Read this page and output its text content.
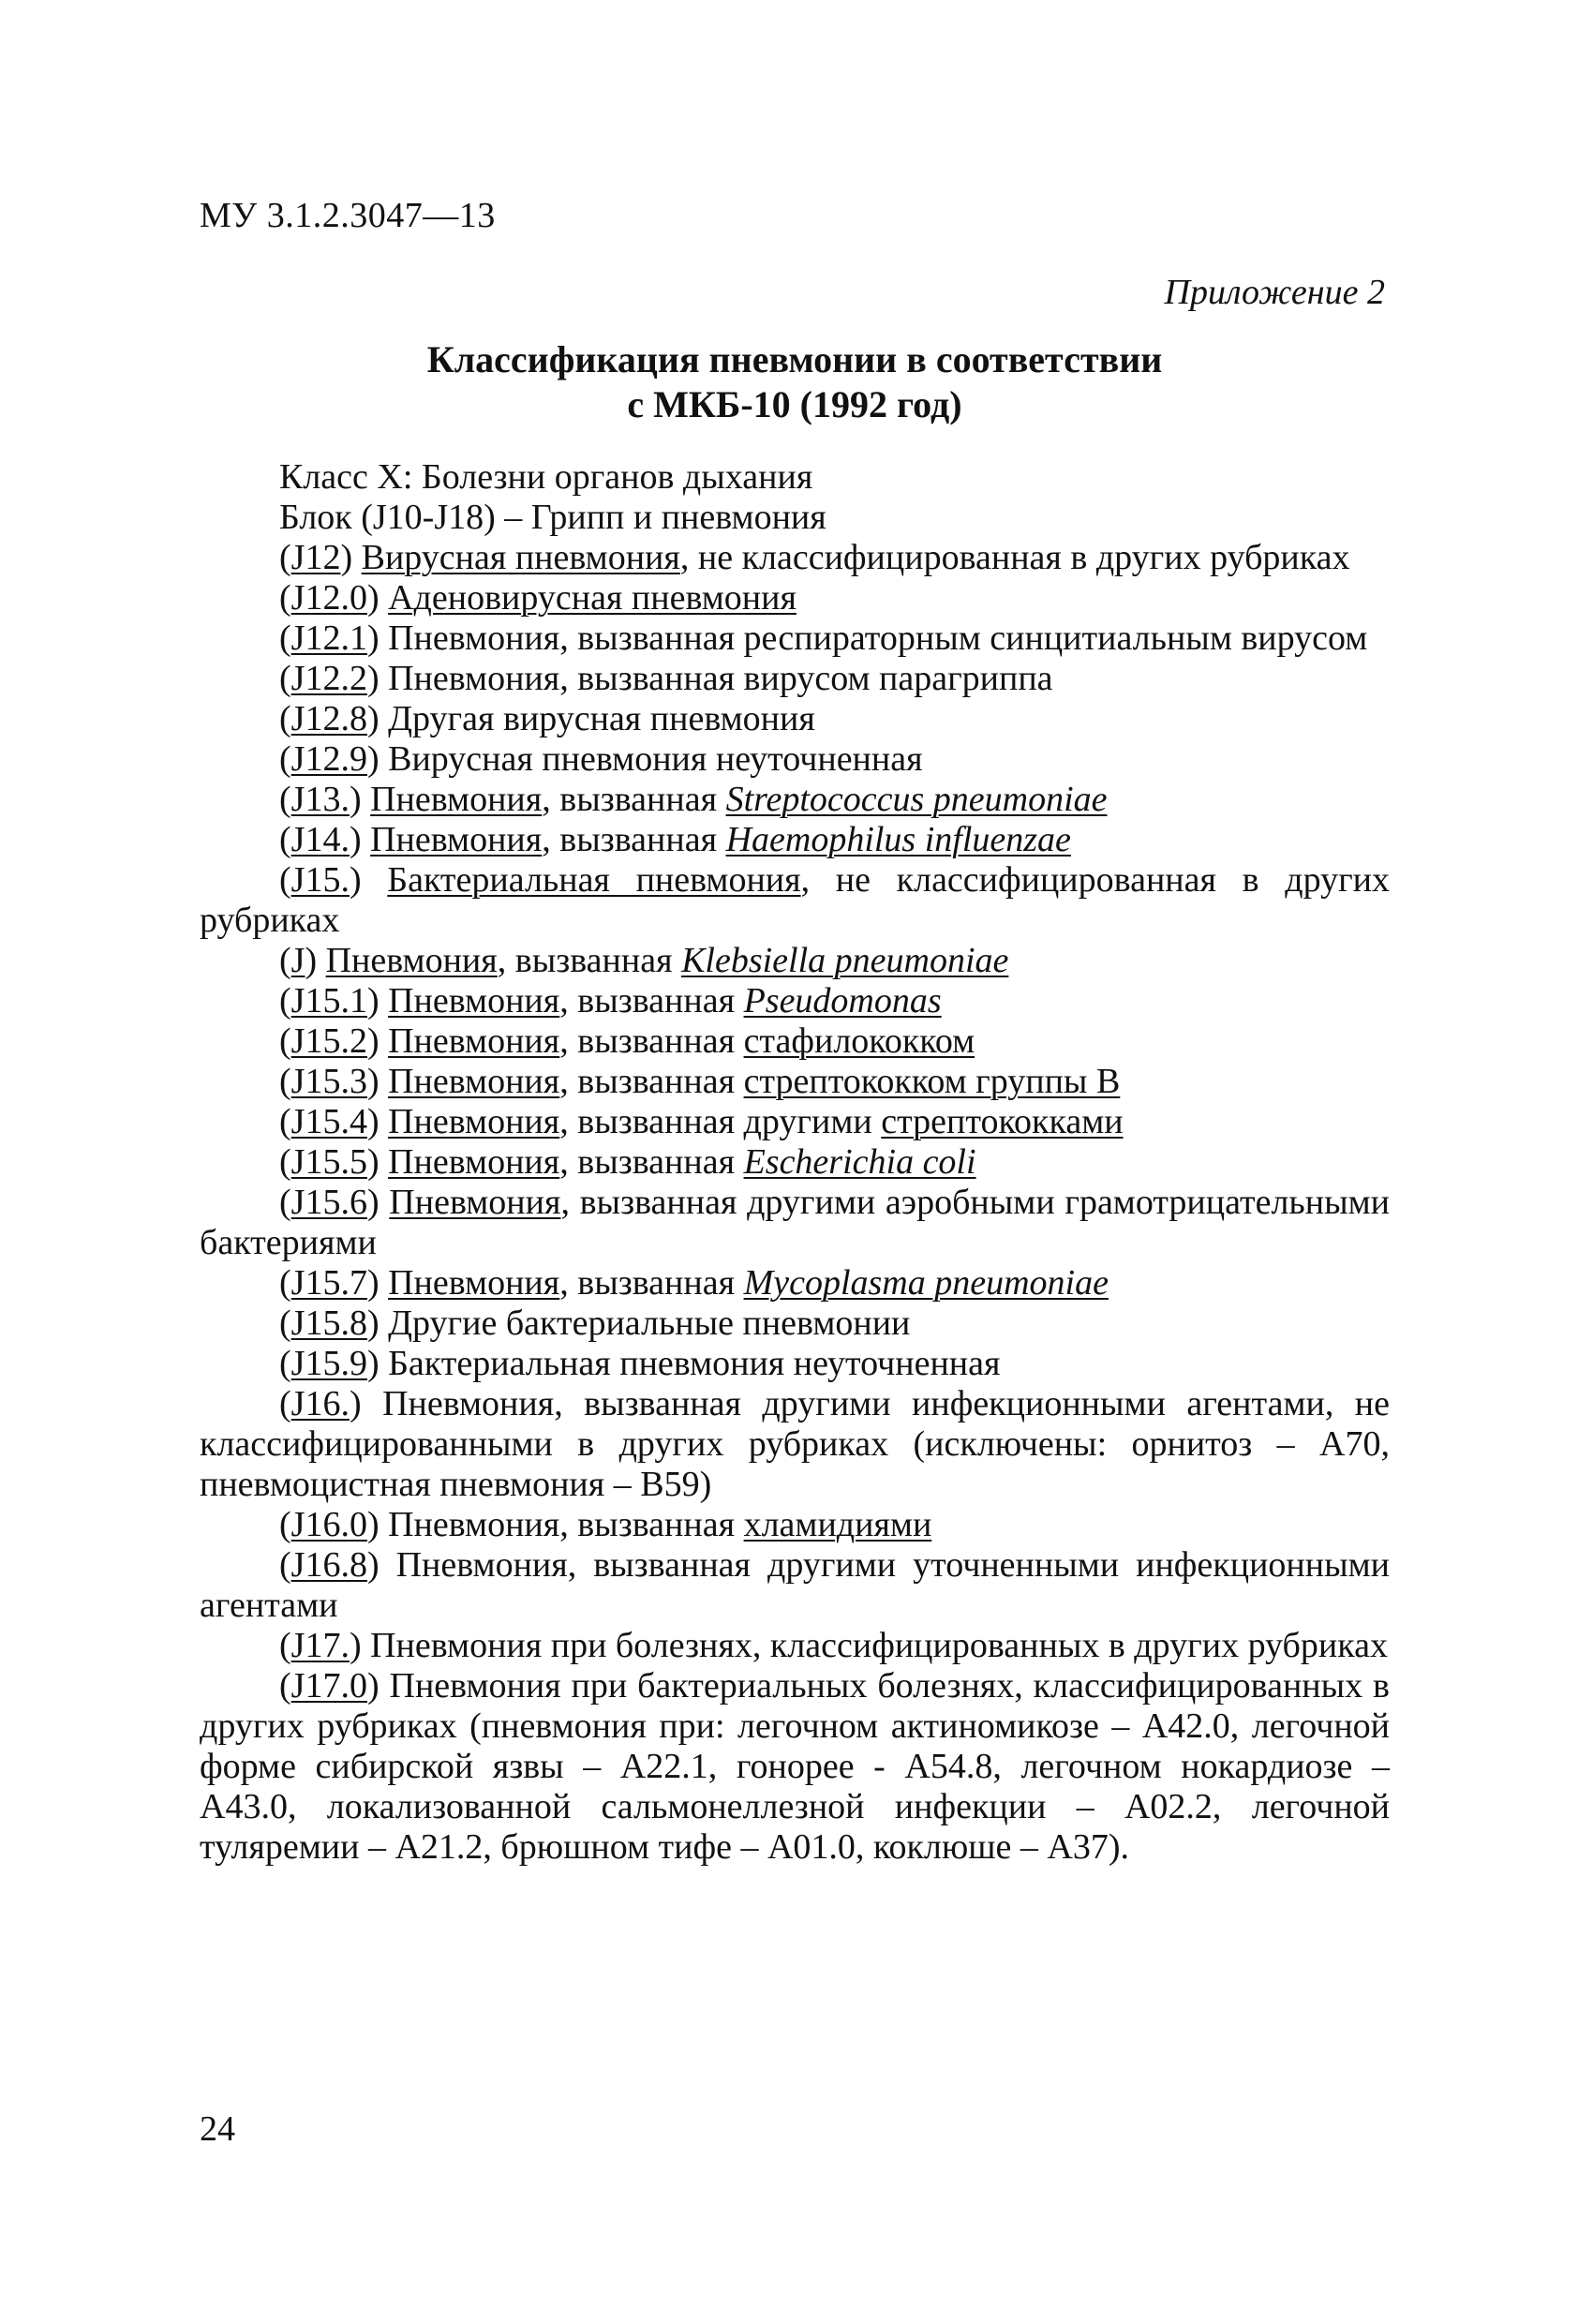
МУ 3.1.2.3047—13
Приложение 2
Классификация пневмонии в соответствии
с МКБ-10 (1992 год)
Класс X: Болезни органов дыхания
Блок (J10-J18) – Грипп и пневмония
(J12) Вирусная пневмония, не классифицированная в других рубриках
(J12.0) Аденовирусная пневмония
(J12.1) Пневмония, вызванная респираторным синцитиальным вирусом
(J12.2) Пневмония, вызванная вирусом парагриппа
(J12.8) Другая вирусная пневмония
(J12.9) Вирусная пневмония неуточненная
(J13.) Пневмония, вызванная Streptococcus pneumoniae
(J14.) Пневмония, вызванная Haemophilus influenzae
(J15.) Бактериальная пневмония, не классифицированная в других рубриках
(J) Пневмония, вызванная Klebsiella pneumoniae
(J15.1) Пневмония, вызванная Pseudomonas
(J15.2) Пневмония, вызванная стафилококком
(J15.3) Пневмония, вызванная стрептококком группы B
(J15.4) Пневмония, вызванная другими стрептококками
(J15.5) Пневмония, вызванная Escherichia coli
(J15.6) Пневмония, вызванная другими аэробными грамотрицательными бактериями
(J15.7) Пневмония, вызванная Mycoplasma pneumoniae
(J15.8) Другие бактериальные пневмонии
(J15.9) Бактериальная пневмония неуточненная
(J16.) Пневмония, вызванная другими инфекционными агентами, не классифицированными в других рубриках (исключены: орнитоз – A70, пневмоцистная пневмония – B59)
(J16.0) Пневмония, вызванная хламидиями
(J16.8) Пневмония, вызванная другими уточненными инфекционными агентами
(J17.) Пневмония при болезнях, классифицированных в других рубриках
(J17.0) Пневмония при бактериальных болезнях, классифицированных в других рубриках (пневмония при: легочном актиномикозе – A42.0, легочной форме сибирской язвы – A22.1, гонорее - A54.8, легочном нокардиозе – A43.0, локализованной сальмонеллезной инфекции – A02.2, легочной туляремии – A21.2, брюшном тифе – A01.0, коклюше – A37).
24
